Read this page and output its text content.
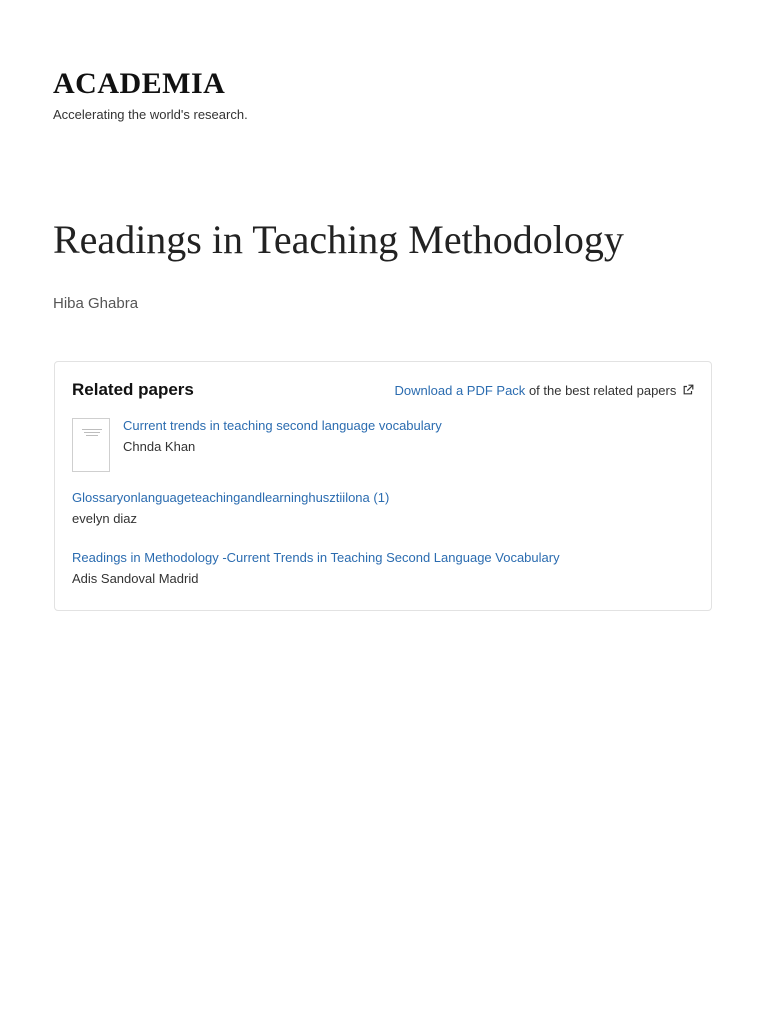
ACADEMIA
Accelerating the world's research.
Readings in Teaching Methodology
Hiba Ghabra
Related papers	Download a PDF Pack of the best related papers
Current trends in teaching second language vocabulary
Chnda Khan
Glossaryonlanguageteachingandlearninghusztiilona (1)
evelyn diaz
Readings in Methodology -Current Trends in Teaching Second Language Vocabulary
Adis Sandoval Madrid
